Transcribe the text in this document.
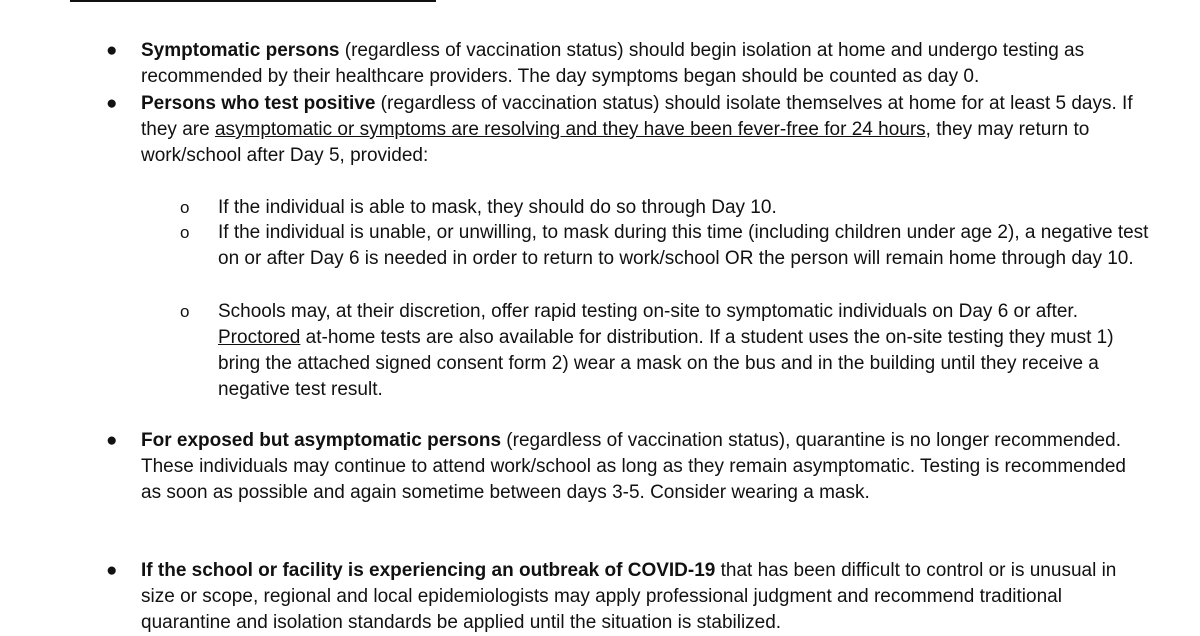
● Symptomatic persons (regardless of vaccination status) should begin isolation at home and undergo testing as recommended by their healthcare providers. The day symptoms began should be counted as day 0.

● Persons who test positive (regardless of vaccination status) should isolate themselves at home for at least 5 days. If they are asymptomatic or symptoms are resolving and they have been fever-free for 24 hours, they may return to work/school after Day 5, provided:

o If the individual is able to mask, they should do so through Day 10.

o If the individual is unable, or unwilling, to mask during this time (including children under age 2), a negative test on or after Day 6 is needed in order to return to work/school OR the person will remain home through day 10.

o Schools may, at their discretion, offer rapid testing on-site to symptomatic individuals on Day 6 or after. Proctored at-home tests are also available for distribution. If a student uses the on-site testing they must 1) bring the attached signed consent form 2) wear a mask on the bus and in the building until they receive a negative test result.

● For exposed but asymptomatic persons (regardless of vaccination status), quarantine is no longer recommended. These individuals may continue to attend work/school as long as they remain asymptomatic. Testing is recommended as soon as possible and again sometime between days 3-5. Consider wearing a mask.

● If the school or facility is experiencing an outbreak of COVID-19 that has been difficult to control or is unusual in size or scope, regional and local epidemiologists may apply professional judgment and recommend traditional quarantine and isolation standards be applied until the situation is stabilized.
